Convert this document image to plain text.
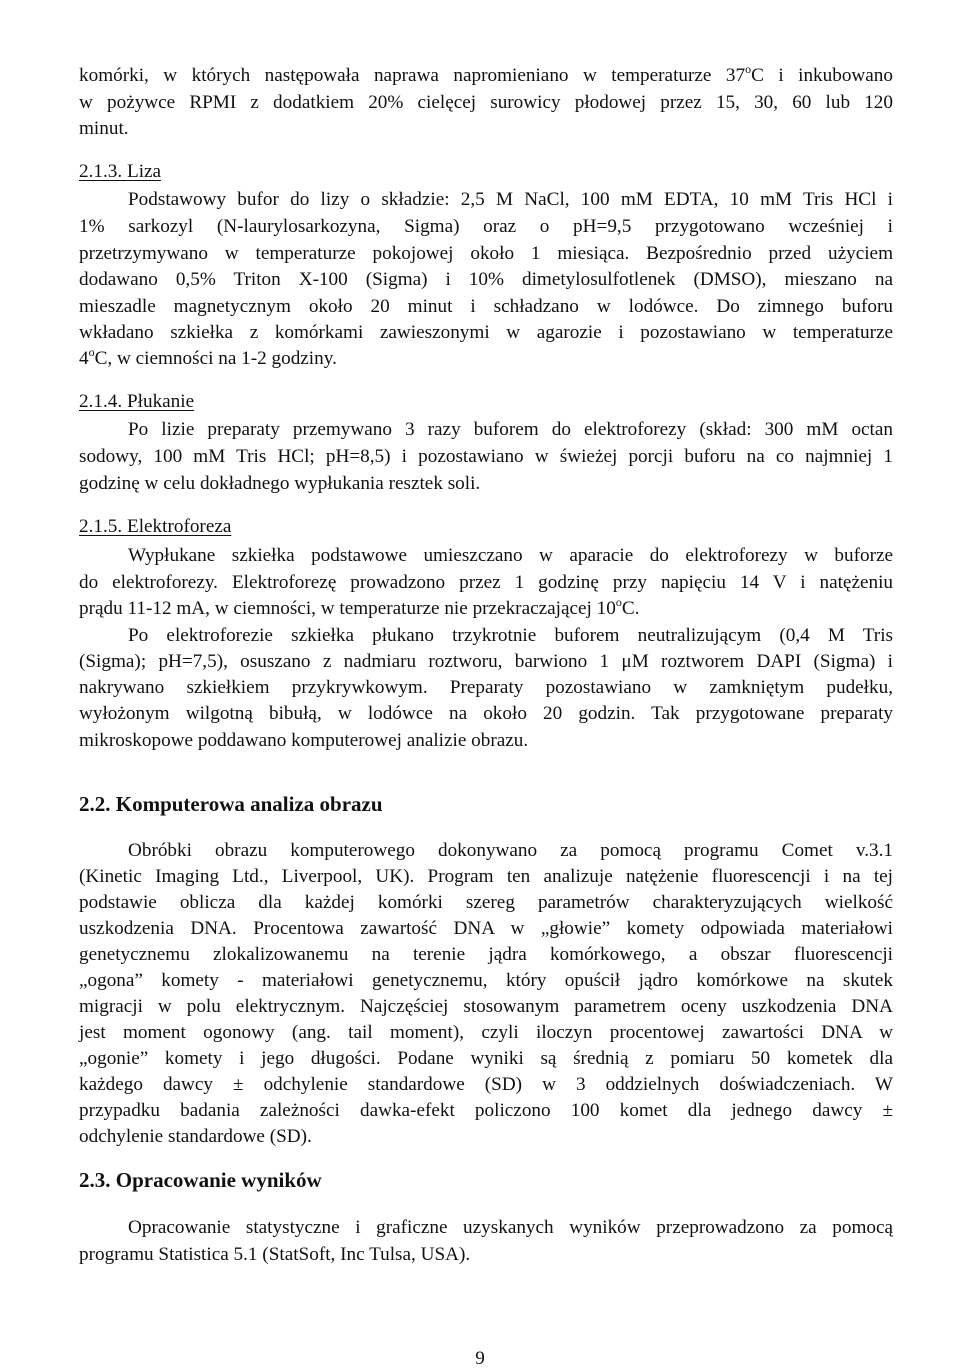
komórki, w których następowała naprawa napromieniano w temperaturze 37$^o$C i inkubowano
w pożywce RPMI z dodatkiem 20% cielęcej surowicy płodowej przez 15, 30, 60 lub 120
minut.
2.1.3. Liza
Podstawowy bufor do lizy o składzie: 2,5 M NaCl, 100 mM EDTA, 10 mM Tris HCl i
1% sarkozyl (N-laurylosarkozyna, Sigma) oraz o pH=9,5 przygotowano wcześniej i
przetrzymywano w temperaturze pokojowej około 1 miesiąca. Bezpośrednio przed użyciem
dodawano 0,5% Triton X-100 (Sigma) i 10% dimetylosulfotlenek (DMSO), mieszano na
mieszadle magnetycznym około 20 minut i schładzano w lodówce. Do zimnego buforu
wkładano szkiełka z komórkami zawieszonymi w agarozie i pozostawiano w temperaturze
4$^o$C, w ciemności na 1-2 godziny.
2.1.4. Płukanie
Po lizie preparaty przemywano 3 razy buforem do elektroforezy (skład: 300 mM octan
sodowy, 100 mM Tris HCl; pH=8,5) i pozostawiano w świeżej porcji buforu na co najmniej 1
godzinę w celu dokładnego wypłukania resztek soli.
2.1.5. Elektroforeza
Wypłukane szkiełka podstawowe umieszczano w aparacie do elektroforezy w buforze
do elektroforezy. Elektroforezę prowadzono przez 1 godzinę przy napięciu 14 V i natężeniu
prądu 11-12 mA, w ciemności, w temperaturze nie przekraczającej 10$^o$C.
Po elektroforezie szkiełka płukano trzykrotnie buforem neutralizującym (0,4 M Tris
(Sigma); pH=7,5), osuszano z nadmiaru roztworu, barwiono 1 μM roztworem DAPI (Sigma) i
nakrywano szkiełkiem przykrywkowym. Preparaty pozostawiano w zamkniętym pudełku,
wyłożonym wilgotną bibułą, w lodówce na około 20 godzin. Tak przygotowane preparaty
mikroskopowe poddawano komputerowej analizie obrazu.
2.2. Komputerowa analiza obrazu
Obróbki obrazu komputerowego dokonywano za pomocą programu Comet v.3.1
(Kinetic Imaging Ltd., Liverpool, UK). Program ten analizuje natężenie fluorescencji i na tej
podstawie oblicza dla każdej komórki szereg parametrów charakteryzujących wielkość
uszkodzenia DNA. Procentowa zawartość DNA w „głowie” komety odpowiada materiałowi
genetycznemu zlokalizowanemu na terenie jądra komórkowego, a obszar fluorescencji
„ogona” komety - materiałowi genetycznemu, który opuścił jądro komórkowe na skutek
migracji w polu elektrycznym. Najczęściej stosowanym parametrem oceny uszkodzenia DNA
jest moment ogonowy (ang. tail moment), czyli iloczyn procentowej zawartości DNA w
„ogonie” komety i jego długości. Podane wyniki są średnią z pomiaru 50 kometek dla
każdego dawcy ± odchylenie standardowe (SD) w 3 oddzielnych doświadczeniach. W
przypadku badania zależności dawka-efekt policzono 100 komet dla jednego dawcy ±
odchylenie standardowe (SD).
2.3. Opracowanie wyników
Opracowanie statystyczne i graficzne uzyskanych wyników przeprowadzono za pomocą
programu Statistica 5.1 (StatSoft, Inc Tulsa, USA).
9
